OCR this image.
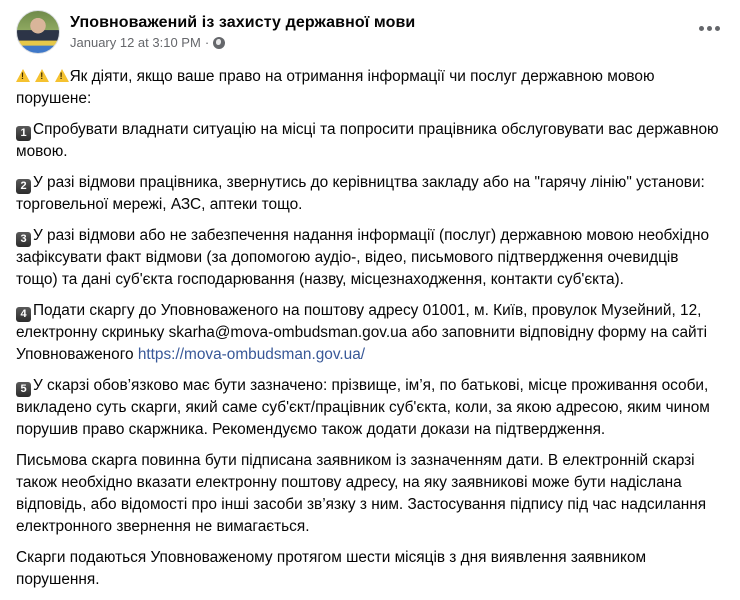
Уповноважений із захисту державної мови
January 12 at 3:10 PM ·

! ! !Як діяти, якщо ваше право на отримання інформації чи послуг державною мовою порушене:

1 Спробувати владнати ситуацію на місці та попросити працівника обслуговувати вас державною мовою.

2 У разі відмови працівника, звернутись до керівництва закладу або на "гарячу лінію" установи: торговельної мережі, АЗС, аптеки тощо.

3 У разі відмови або не забезпечення надання інформації (послуг) державною мовою необхідно зафіксувати факт відмови (за допомогою аудіо-, відео, письмового підтвердження очевидців тощо) та дані суб'єкта господарювання (назву, місцезнаходження, контакти суб'єкта).

4 Подати скаргу до Уповноваженого на поштову адресу 01001, м. Київ, провулок Музейний, 12, електронну скриньку skarha@mova-ombudsman.gov.ua або заповнити відповідну форму на сайті Уповноваженого https://mova-ombudsman.gov.ua/

5 У скарзі обов’язково має бути зазначено: прізвище, ім’я, по батькові, місце проживання особи, викладено суть скарги, який саме суб'єкт/працівник суб'єкта, коли, за якою адресою, яким чином порушив право скаржника. Рекомендуємо також додати докази на підтвердження.

Письмова скарга повинна бути підписана заявником із зазначенням дати. В електронній скарзі також необхідно вказати електронну поштову адресу, на яку заявникові може бути надіслана відповідь, або відомості про інші засоби зв’язку з ним. Застосування підпису під час надсилання електронного звернення не вимагається.

Скарги подаються Уповноваженому протягом шести місяців з дня виявлення заявником порушення.
